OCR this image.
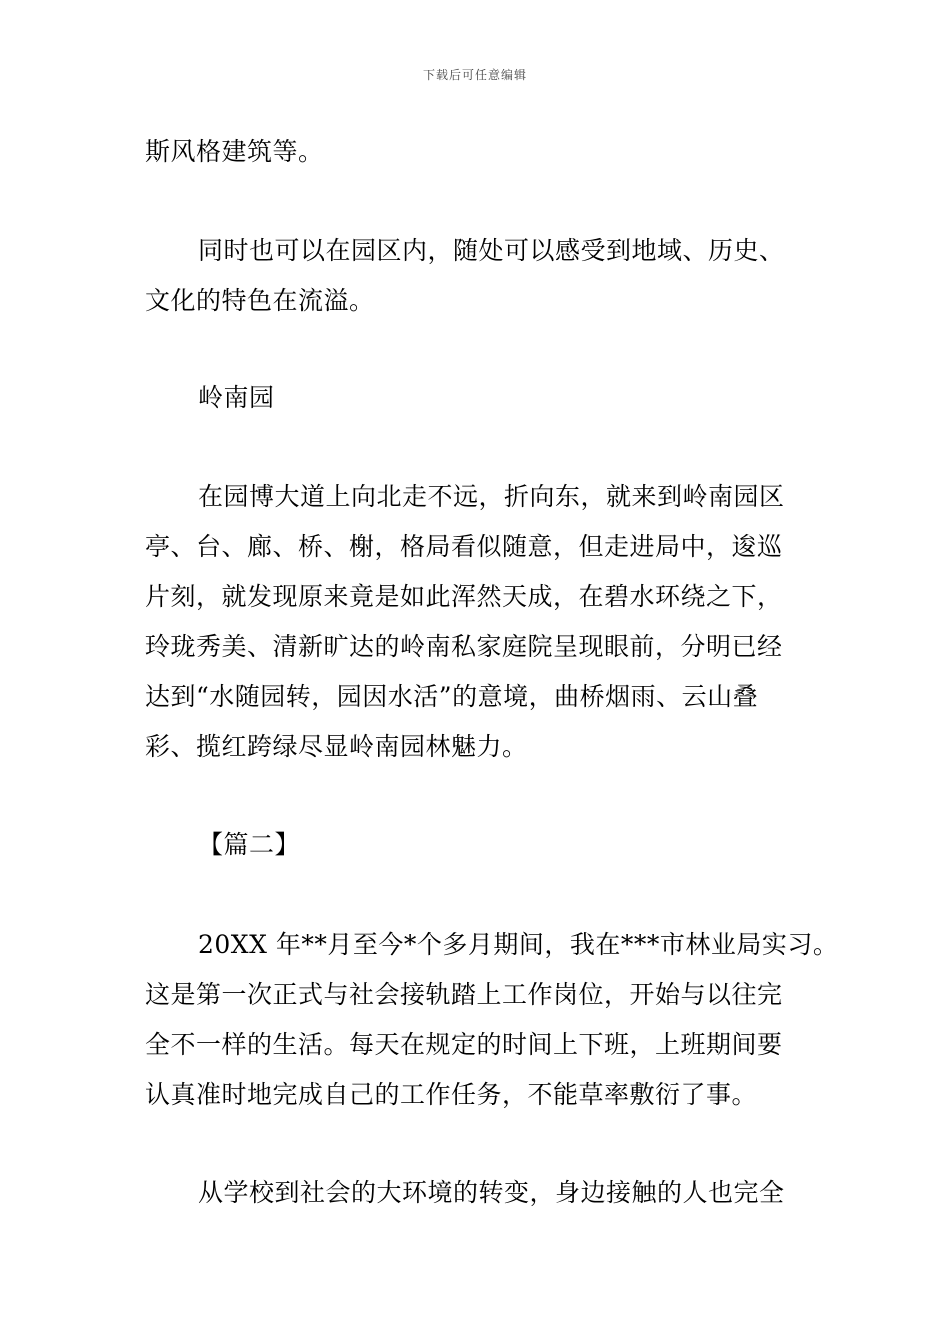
下载后可任意编辑
斯风格建筑等。
同时也可以在园区内，随处可以感受到地域、历史、
文化的特色在流溢。
岭南园
在园博大道上向北走不远，折向东，就来到岭南园区
亭、台、廊、桥、榭，格局看似随意，但走进局中，逡巡
片刻，就发现原来竟是如此浑然天成，在碧水环绕之下，
玲珑秀美、清新旷达的岭南私家庭院呈现眼前，分明已经
达到“水随园转，园因水活”的意境，曲桥烟雨、云山叠
彩、揽红跨绿尽显岭南园林魅力。
【篇二】
20XX 年**月至今*个多月期间，我在***市林业局实习。
这是第一次正式与社会接轨踏上工作岗位，开始与以往完
全不一样的生活。每天在规定的时间上下班，上班期间要
认真准时地完成自己的工作任务，不能草率敷衍了事。
从学校到社会的大环境的转变，身边接触的人也完全
